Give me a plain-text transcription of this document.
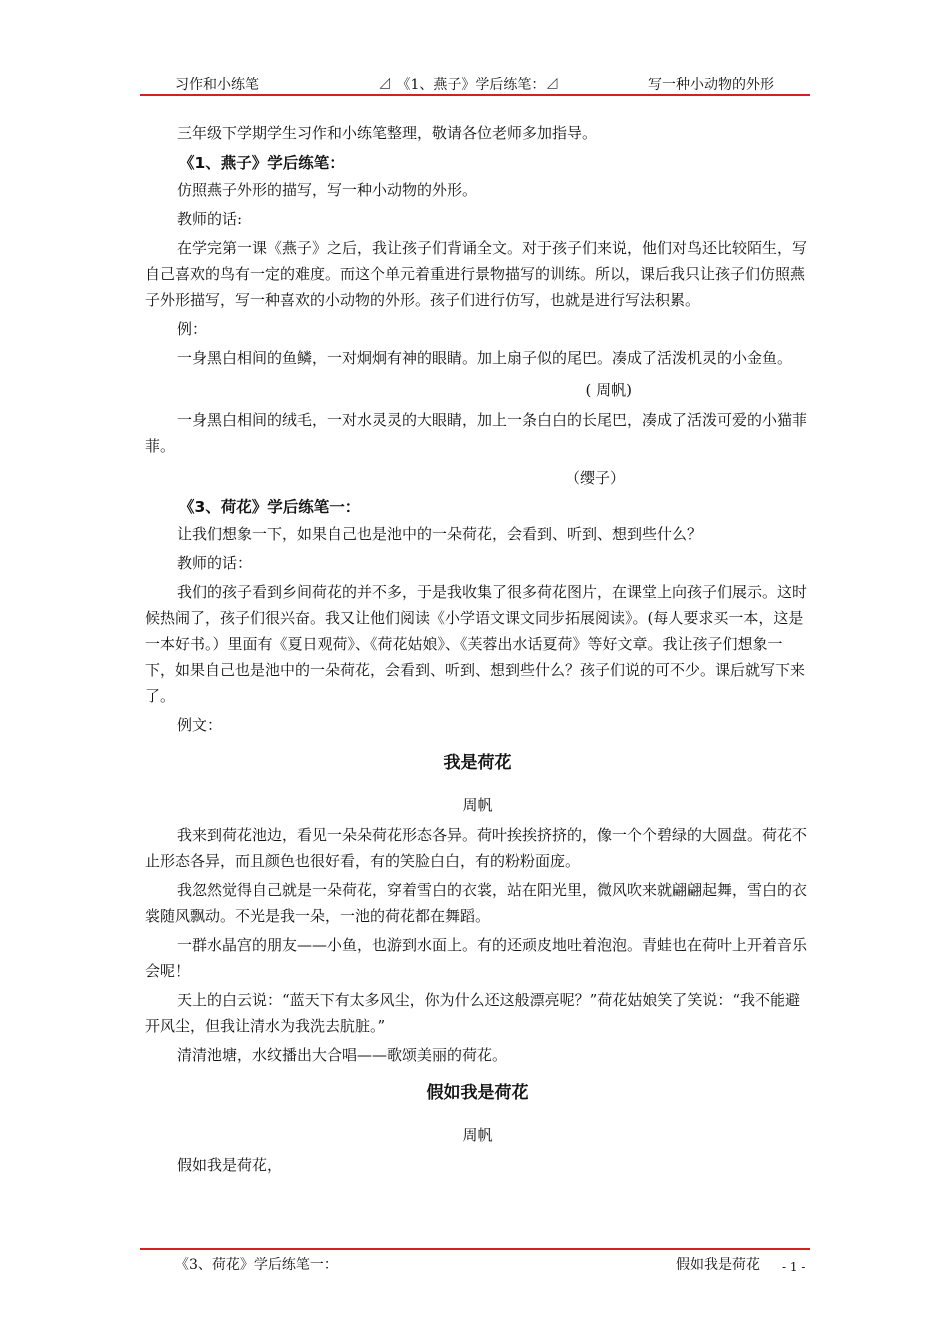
习作和小练笔	⊿ 《1、燕子》学后练笔：⊿	写一种小动物的外形

三年级下学期学生习作和小练笔整理，敬请各位老师多加指导。

《1、燕子》学后练笔：

仿照燕子外形的描写，写一种小动物的外形。

教师的话:

在学完第一课《燕子》之后，我让孩子们背诵全文。对于孩子们来说，他们对鸟还比较陌生，写自己喜欢的鸟有一定的难度。而这个单元着重进行景物描写的训练。所以，课后我只让孩子们仿照燕子外形描写，写一种喜欢的小动物的外形。孩子们进行仿写，也就是进行写法积累。

例：

一身黑白相间的鱼鳞，一对炯炯有神的眼睛。加上扇子似的尾巴。凑成了活泼机灵的小金鱼。

( 周帆)

一身黑白相间的绒毛，一对水灵灵的大眼睛，加上一条白白的长尾巴，凑成了活泼可爱的小猫菲菲。

（缨子）

《3、荷花》学后练笔一：

让我们想象一下，如果自己也是池中的一朵荷花，会看到、听到、想到些什么？

教师的话：

我们的孩子看到乡间荷花的并不多，于是我收集了很多荷花图片，在课堂上向孩子们展示。这时候热闹了，孩子们很兴奋。我又让他们阅读《小学语文课文同步拓展阅读》。(每人要求买一本，这是一本好书。）里面有《夏日观荷》、《荷花姑娘》、《芙蓉出水话夏荷》等好文章。我让孩子们想象一下，如果自己也是池中的一朵荷花，会看到、听到、想到些什么？孩子们说的可不少。课后就写下来了。

例文：

我是荷花

周帆

我来到荷花池边，看见一朵朵荷花形态各异。荷叶挨挨挤挤的，像一个个碧绿的大圆盘。荷花不止形态各异，而且颜色也很好看，有的笑脸白白，有的粉粉面庞。

我忽然觉得自己就是一朵荷花，穿着雪白的衣裳，站在阳光里，微风吹来就翩翩起舞，雪白的衣裳随风飘动。不光是我一朵，一池的荷花都在舞蹈。

一群水晶宫的朋友——小鱼，也游到水面上。有的还顽皮地吐着泡泡。青蛙也在荷叶上开着音乐会呢！

天上的白云说：“蓝天下有太多风尘，你为什么还这般漂亮呢？”荷花姑娘笑了笑说：“我不能避开风尘，但我让清水为我洗去肮脏。”

清清池塘，水纹播出大合唱——歌颂美丽的荷花。

假如我是荷花

周帆

假如我是荷花，

《3、荷花》学后练笔一：	假如我是荷花 - 1 -
